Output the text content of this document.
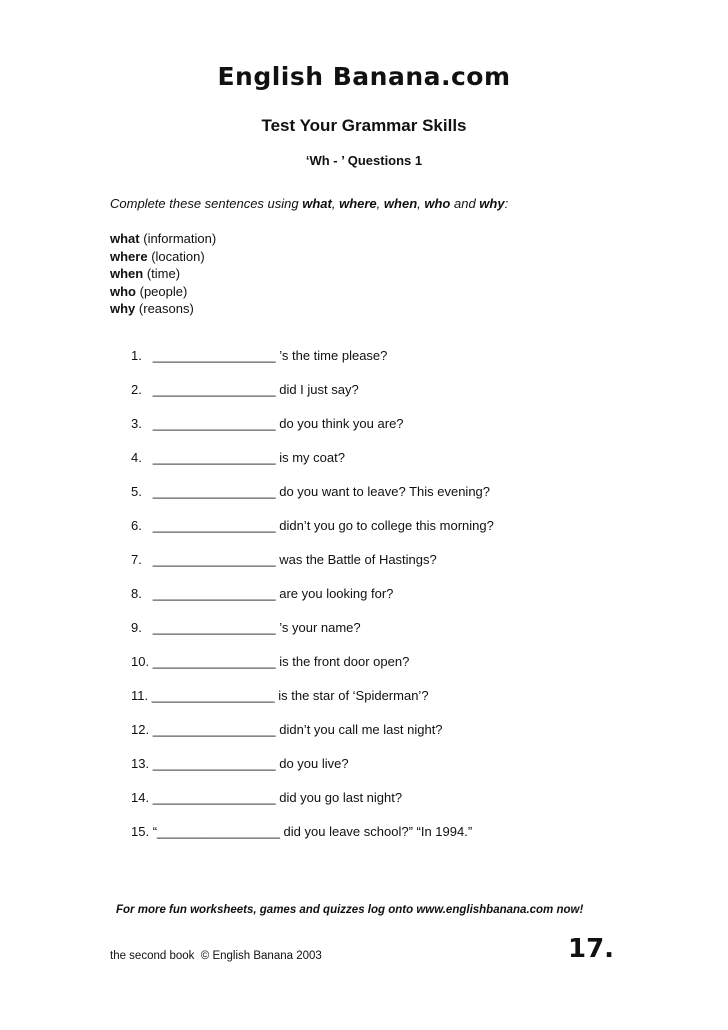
English Banana.com
Test Your Grammar Skills
‘Wh - ’ Questions 1
Complete these sentences using what, where, when, who and why:
what (information)
where (location)
when (time)
who (people)
why (reasons)
1.   _________________ ’s the time please?
2.   _________________ did I just say?
3.   _________________ do you think you are?
4.   _________________ is my coat?
5.   _________________ do you want to leave? This evening?
6.   _________________ didn’t you go to college this morning?
7.   _________________ was the Battle of Hastings?
8.   _________________ are you looking for?
9.   _________________ ’s your name?
10. _________________ is the front door open?
11. _________________ is the star of ‘Spiderman’?
12. _________________ didn’t you call me last night?
13. _________________ do you live?
14. _________________ did you go last night?
15. “_________________ did you leave school?” “In 1994.”
For more fun worksheets, games and quizzes log onto www.englishbanana.com now!
the second book  © English Banana 2003	17.
